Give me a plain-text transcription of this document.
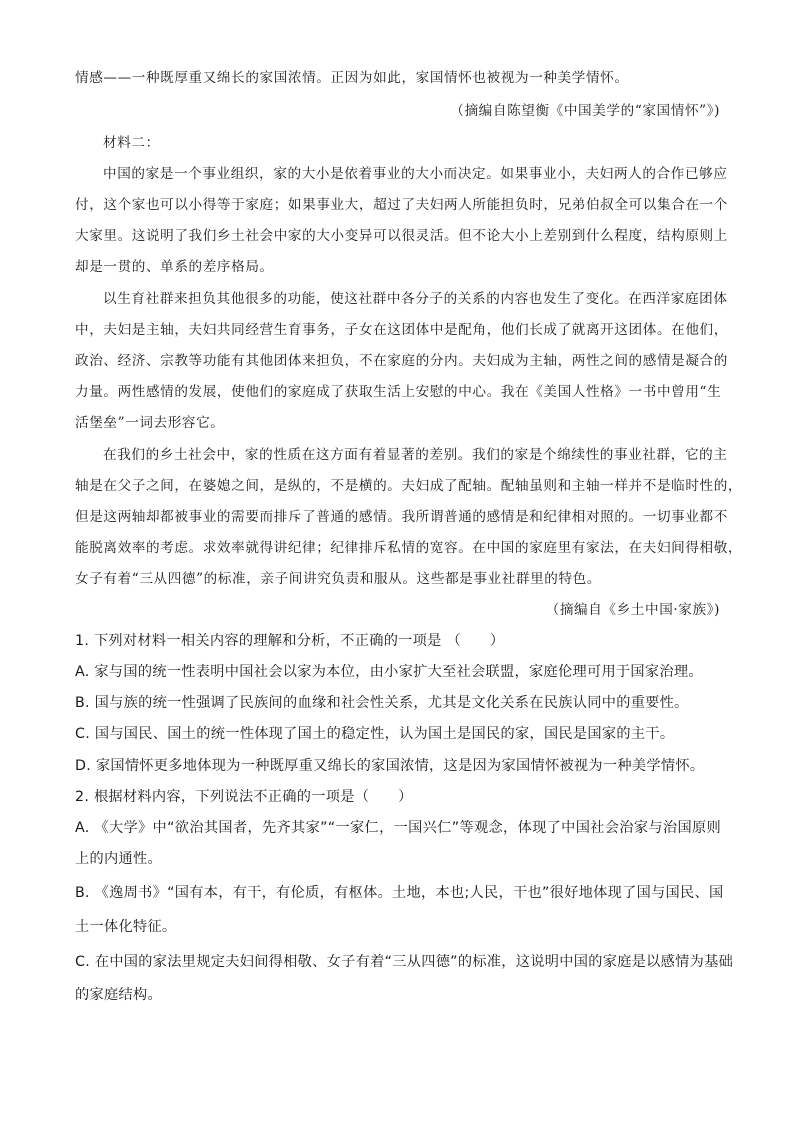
情感——一种既厚重又绵长的家国浓情。正因为如此，家国情怀也被视为一种美学情怀。
（摘编自陈望衡《中国美学的“家国情怀”》)
材料二：
中国的家是一个事业组织，家的大小是依着事业的大小而决定。如果事业小，夫妇两人的合作已够应
付，这个家也可以小得等于家庭；如果事业大，超过了夫妇两人所能担负时，兄弟伯叔全可以集合在一个
大家里。这说明了我们乡土社会中家的大小变异可以很灵活。但不论大小上差别到什么程度，结构原则上
却是一贯的、单系的差序格局。
以生育社群来担负其他很多的功能，使这社群中各分子的关系的内容也发生了变化。在西洋家庭团体
中，夫妇是主轴，夫妇共同经营生育事务，子女在这团体中是配角，他们长成了就离开这团体。在他们，
政治、经济、宗教等功能有其他团体来担负，不在家庭的分内。夫妇成为主轴，两性之间的感情是凝合的
力量。两性感情的发展，使他们的家庭成了获取生活上安慰的中心。我在《美国人性格》一书中曾用“生
活堡垒”一词去形容它。
在我们的乡土社会中，家的性质在这方面有着显著的差别。我们的家是个绵续性的事业社群，它的主
轴是在父子之间，在婆媳之间，是纵的，不是横的。夫妇成了配轴。配轴虽则和主轴一样并不是临时性的，
但是这两轴却都被事业的需要而排斥了普通的感情。我所谓普通的感情是和纪律相对照的。一切事业都不
能脱离效率的考虑。求效率就得讲纪律；纪律排斥私情的宽容。在中国的家庭里有家法，在夫妇间得相敬，
女子有着“三从四德”的标准，亲子间讲究负责和服从。这些都是事业社群里的特色。
（摘编自《乡土中国·家族》)
1. 下列对材料一相关内容的理解和分析，不正确的一项是 （　　）
A. 家与国的统一性表明中国社会以家为本位，由小家扩大至社会联盟，家庭伦理可用于国家治理。
B. 国与族的统一性强调了民族间的血缘和社会性关系，尤其是文化关系在民族认同中的重要性。
C. 国与国民、国土的统一性体现了国土的稳定性，认为国土是国民的家，国民是国家的主干。
D. 家国情怀更多地体现为一种既厚重又绵长的家国浓情，这是因为家国情怀被视为一种美学情怀。
2. 根据材料内容，下列说法不正确的一项是（　　）
A. 《大学》中“欲治其国者，先齐其家”“一家仁，一国兴仁”等观念，体现了中国社会治家与治国原则
上的内通性。
B. 《逸周书》“国有本，有干，有伦质，有枢体。土地，本也;人民，干也”很好地体现了国与国民、国
土一体化特征。
C. 在中国的家法里规定夫妇间得相敬、女子有着“三从四德”的标准，这说明中国的家庭是以感情为基础
的家庭结构。
